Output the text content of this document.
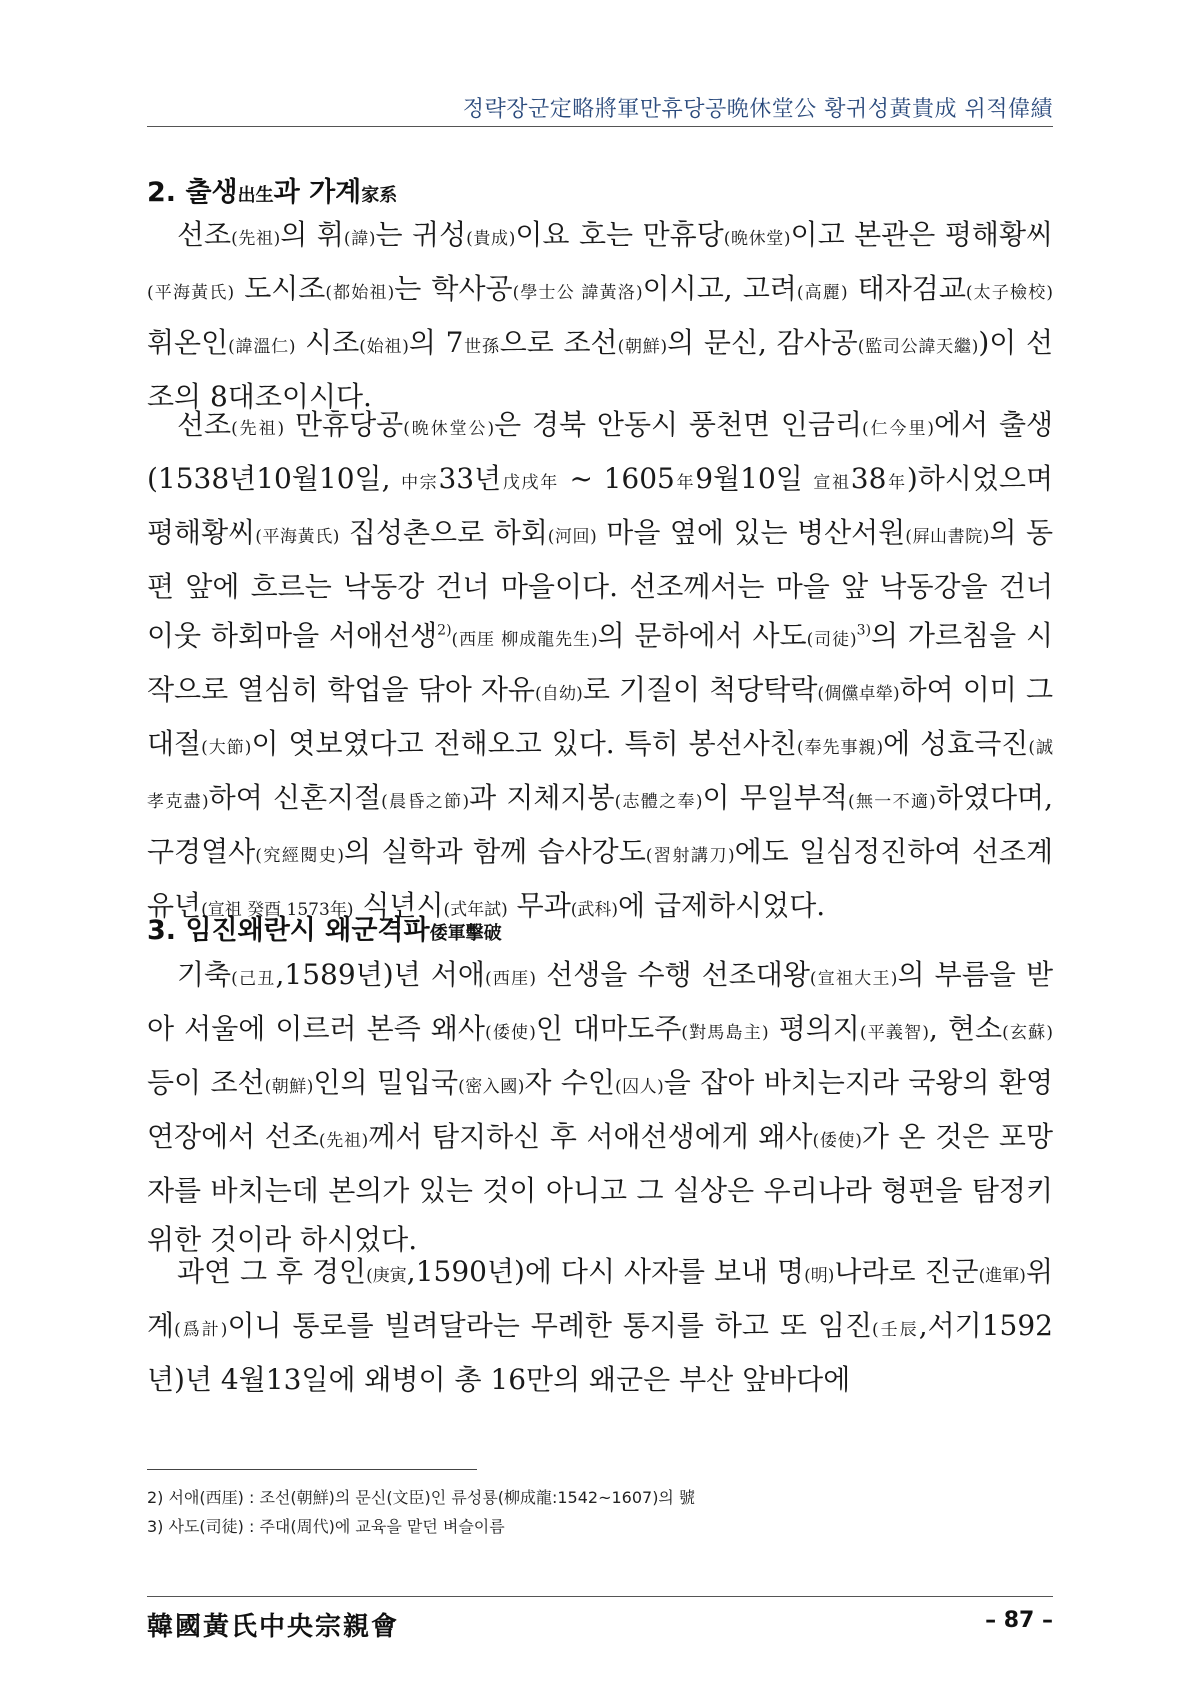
정략장군定略將軍만휴당공晩休堂公 황귀성黃貴成 위적偉績
2. 출생出生과 가계家系
선조(先祖)의 휘(諱)는 귀성(貴成)이요 호는 만휴당(晩休堂)이고 본관은 평해황씨(平海黃氏) 도시조(都始祖)는 학사공(學士公 諱黃洛)이시고, 고려(高麗) 태자검교(太子檢校) 휘온인(諱溫仁) 시조(始祖)의 7世孫으로 조선(朝鮮)의 문신, 감사공(監司公諱天繼))이 선조의 8대조이시다.
선조(先祖) 만휴당공(晩休堂公)은 경북 안동시 풍천면 인금리(仁今里)에서 출생(1538년10월10일, 中宗33년戊戌年 ~ 1605年9월10일 宣祖38年)하시었으며 평해황씨(平海黃氏) 집성촌으로 하회(河回) 마을 옆에 있는 병산서원(屛山書院)의 동편 앞에 흐르는 낙동강 건너 마을이다. 선조께서는 마을 앞 낙동강을 건너 이웃 하회마을 서애선생$^{2)}$(西厓 柳成龍先生)의 문하에서 사도(司徒)$^{3)}$의 가르침을 시작으로 열심히 학업을 닦아 자유(自幼)로 기질이 척당탁락(倜儻卓犖)하여 이미 그 대절(大節)이 엿보였다고 전해오고 있다. 특히 봉선사친(奉先事親)에 성효극진(誠孝克盡)하여 신혼지절(晨昏之節)과 지체지봉(志體之奉)이 무일부적(無一不適)하였다며, 구경열사(究經閱史)의 실학과 함께 습사강도(習射講刀)에도 일심정진하여 선조계유년(宣祖 癸酉 1573年) 식년시(式年試) 무과(武科)에 급제하시었다.
3. 임진왜란시 왜군격파倭軍擊破
기축(己丑,1589년)년 서애(西厓) 선생을 수행 선조대왕(宣祖大王)의 부름을 받아 서울에 이르러 본즉 왜사(倭使)인 대마도주(對馬島主) 평의지(平義智), 현소(玄蘇)등이 조선(朝鮮)인의 밀입국(密入國)자 수인(囚人)을 잡아 바치는지라 국왕의 환영연장에서 선조(先祖)께서 탐지하신 후 서애선생에게 왜사(倭使)가 온 것은 포망자를 바치는데 본의가 있는 것이 아니고 그 실상은 우리나라 형편을 탐정키 위한 것이라 하시었다.
과연 그 후 경인(庚寅,1590년)에 다시 사자를 보내 명(明)나라로 진군(進軍)위계(爲計)이니 통로를 빌려달라는 무례한 통지를 하고 또 임진(壬辰,서기1592년)년 4월13일에 왜병이 총 16만의 왜군은 부산 앞바다에
2) 서애(西厓) : 조선(朝鮮)의 문신(文臣)인 류성룡(柳成龍:1542~1607)의 號
3) 사도(司徒) : 주대(周代)에 교육을 맡던 벼슬이름
韓國黃氏中央宗親會	– 87 –
